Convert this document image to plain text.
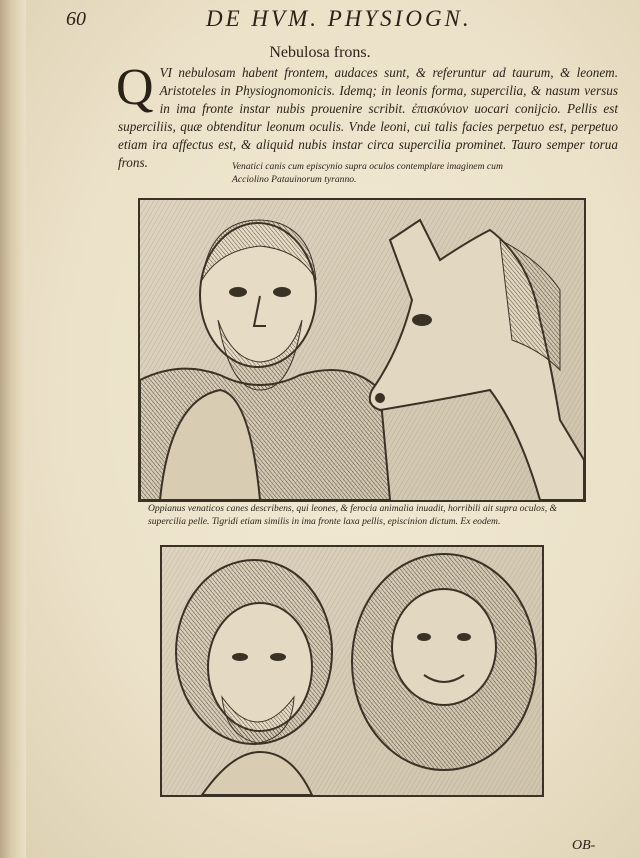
60	DE HVM. PHYSIOGN.
Nebulosa frons.
Q VI nebulosam habent frontem, audaces sunt, & referuntur ad taurum, & leonem. Aristoteles in Physiognomonicis. Idemq; in leonis forma, supercilia, & nasum versus in ima fronte instar nubis prouenire scribit. ἐπισκύνιον uocari conijcio. Pellis est superciliis, quæ obtenditur leonum oculis. Vnde leoni, cui talis facies perpetuo est, perpetuo etiam ira affectus est, & aliquid nubis instar circa supercilia prominet. Tauro semper torua frons.	Venatici canis cum episcynio supra oculos contemplare imaginem cum Acciolino Patauinorum tyranno.
Oppianus venaticos canes describens, qui leones, & ferocia animalia inuadit, horribili ait supra oculos, & supercilia pelle. Tigridi etiam similis in ima fronte laxa pellis, episcinion dictum. Ex eodem.
OB-
